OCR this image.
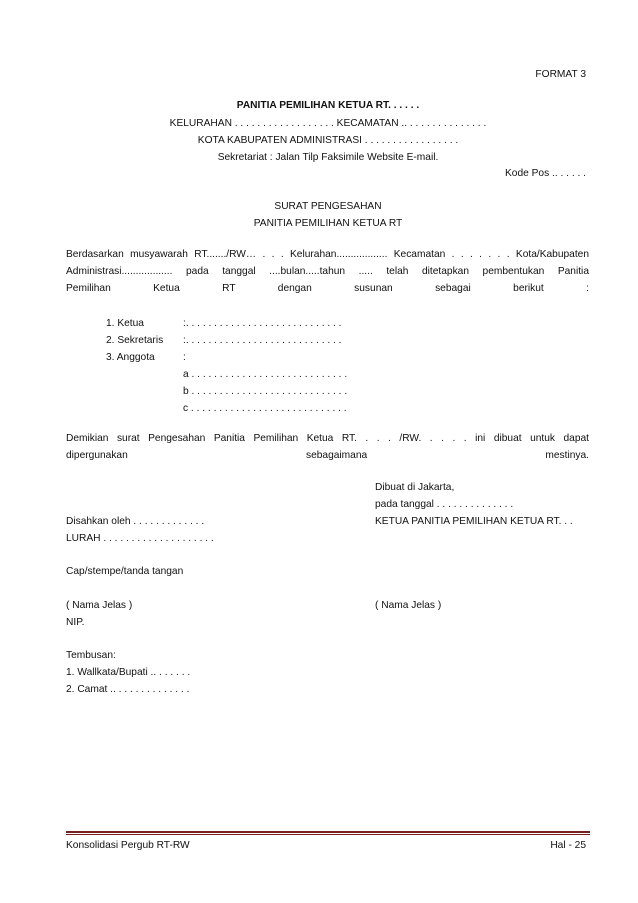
FORMAT 3
PANITIA PEMILIHAN KETUA RT. . . . . .
KELURAHAN . . . . . . . . . . . . . . . . . . KECAMATAN .. . . . . . . . . . . . . . .
KOTA KABUPATEN ADMINISTRASI . . . . . . . . . . . . . . . . .
Sekretariat : Jalan Tilp Faksimile Website E-mail.
Kode Pos .. . . . . .
SURAT PENGESAHAN
PANITIA PEMILIHAN KETUA RT
Berdasarkan musyawarah RT......./RW… . . . Kelurahan.................. Kecamatan . . . . . . . Kota/Kabupaten
Administrasi.................. pada tanggal ....bulan.....tahun ..... telah ditetapkan pembentukan Panitia
Pemilihan Ketua RT dengan susunan sebagai berikut :
1. Ketua	:. . . . . . . . . . . . . . . . . . . . . . . . . . . .
2. Sekretaris :. . . . . . . . . . . . . . . . . . . . . . . . . . . .
3. Anggota	:
a . . . . . . . . . . . . . . . . . . . . . . . . . . . .
b . . . . . . . . . . . . . . . . . . . . . . . . . . . .
c . . . . . . . . . . . . . . . . . . . . . . . . . . . .
Demikian surat Pengesahan Panitia Pemilihan Ketua RT. . . . /RW. . . . . ini dibuat untuk dapat
dipergunakan sebagaimana mestinya.
Dibuat di Jakarta,
pada tanggal . . . . . . . . . . . . . .
Disahkan oleh . . . . . . . . . . . . .	KETUA PANITIA PEMILIHAN KETUA RT. . .
LURAH . . . . . . . . . . . . . . . . . . . .
Cap/stempe/tanda tangan
( Nama Jelas )	( Nama Jelas )
NIP.
Tembusan:
1. Wallkata/Bupati .. . . . . . .
2. Camat .. . . . . . . . . . . . . .
Konsolidasi Pergub RT-RW	Hal - 25
